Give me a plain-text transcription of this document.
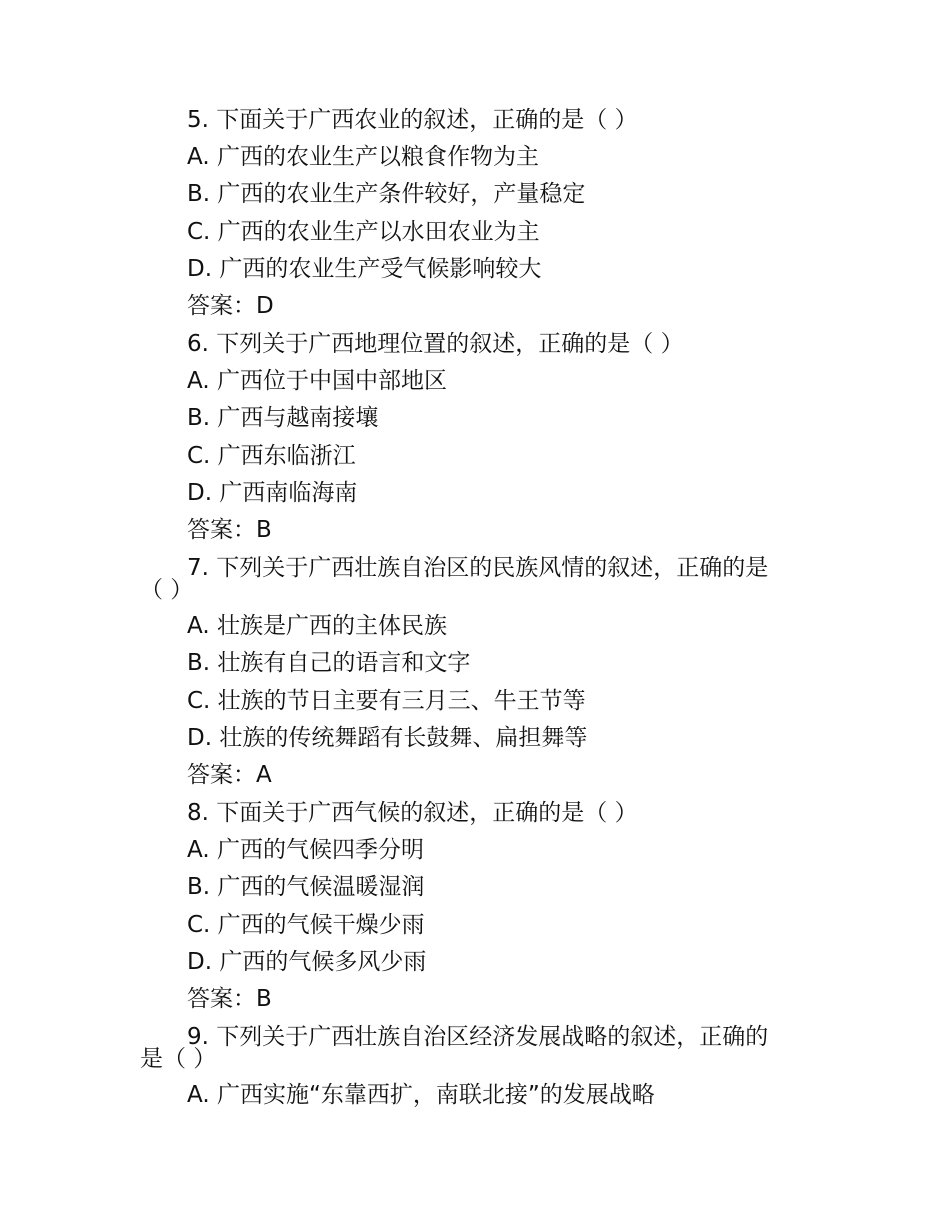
5. 下面关于广西农业的叙述，正确的是（ ）
A. 广西的农业生产以粮食作物为主
B. 广西的农业生产条件较好，产量稳定
C. 广西的农业生产以水田农业为主
D. 广西的农业生产受气候影响较大
答案：D
6. 下列关于广西地理位置的叙述，正确的是（ ）
A. 广西位于中国中部地区
B. 广西与越南接壤
C. 广西东临浙江
D. 广西南临海南
答案：B
7. 下列关于广西壮族自治区的民族风情的叙述，正确的是
（ ）
A. 壮族是广西的主体民族
B. 壮族有自己的语言和文字
C. 壮族的节日主要有三月三、牛王节等
D. 壮族的传统舞蹈有长鼓舞、扁担舞等
答案：A
8. 下面关于广西气候的叙述，正确的是（ ）
A. 广西的气候四季分明
B. 广西的气候温暖湿润
C. 广西的气候干燥少雨
D. 广西的气候多风少雨
答案：B
9. 下列关于广西壮族自治区经济发展战略的叙述，正确的
是（ ）
A. 广西实施“东靠西扩，南联北接”的发展战略
